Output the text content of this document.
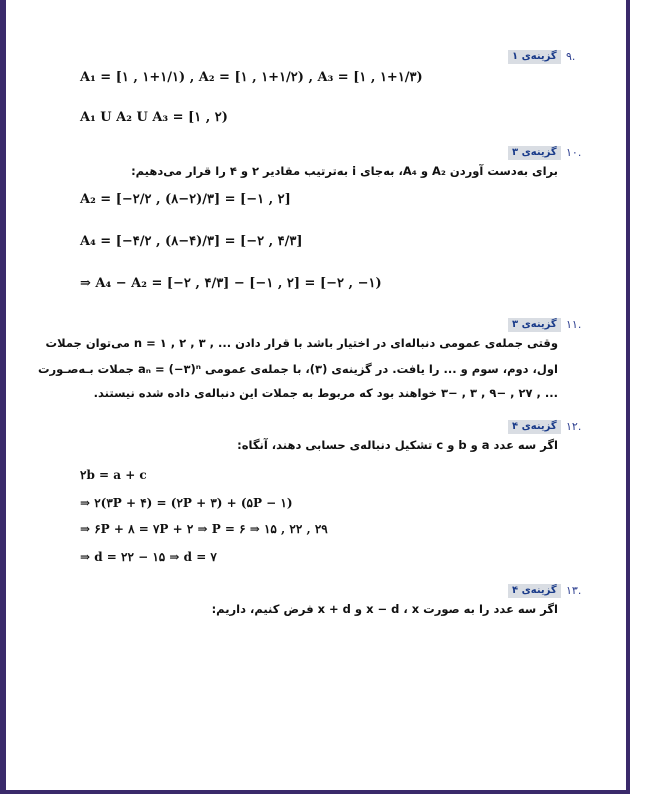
۹.
گزینه‌ی ۱
A₁ = [۱ , ۱+۱/۱) , A₂ = [۱ , ۱+۱/۲) , A₃ = [۱ , ۱+۱/۳)
A₁ U A₂ U A₃ = [۱ , ۲)
۱۰.
گزینه‌ی ۳
برای به‌دست آوردن A₂ و A₄، به‌جای i به‌ترتیب مقادیر ۲ و ۴ را قرار می‌دهیم:
A₂ = [−۲/۲ , (۸−۲)/۳] = [−۱ , ۲]
A₄ = [−۴/۲ , (۸−۴)/۳] = [−۲ , ۴/۳]
⇒ A₄ − A₂ = [−۲ , ۴/۳] − [−۱ , ۲] = [−۲ , −۱)
۱۱.
گزینه‌ی ۳
وقتی جمله‌ی عمومی دنباله‌ای در اختیار باشد با قرار دادن ... , ۳ , ۲ , ۱ = n می‌توان جملات
اول، دوم، سوم و ... را یافت. در گزینه‌ی (۳)، با جمله‌ی عمومی aₙ = (−۳)ⁿ جملات بـه‌صـورت
... , ۲۷ , −۹ , ۳ , −۳ خواهند بود که مربوط به جملات این دنباله‌ی داده شده نیستند.
۱۲.
گزینه‌ی ۴
اگر سه عدد a و b و c تشکیل دنباله‌ی حسابی دهند، آنگاه:
۲b = a + c
⇒ ۲(۳P + ۴) = (۲P + ۳) + (۵P − ۱)
⇒ ۶P + ۸ = ۷P + ۲ ⇒ P = ۶ ⇒ ۱۵ , ۲۲ , ۲۹
⇒ d = ۲۲ − ۱۵ ⇒ d = ۷
۱۳.
گزینه‌ی ۴
اگر سه عدد را به صورت x − d ، x و x + d فرض کنیم، داریم:
